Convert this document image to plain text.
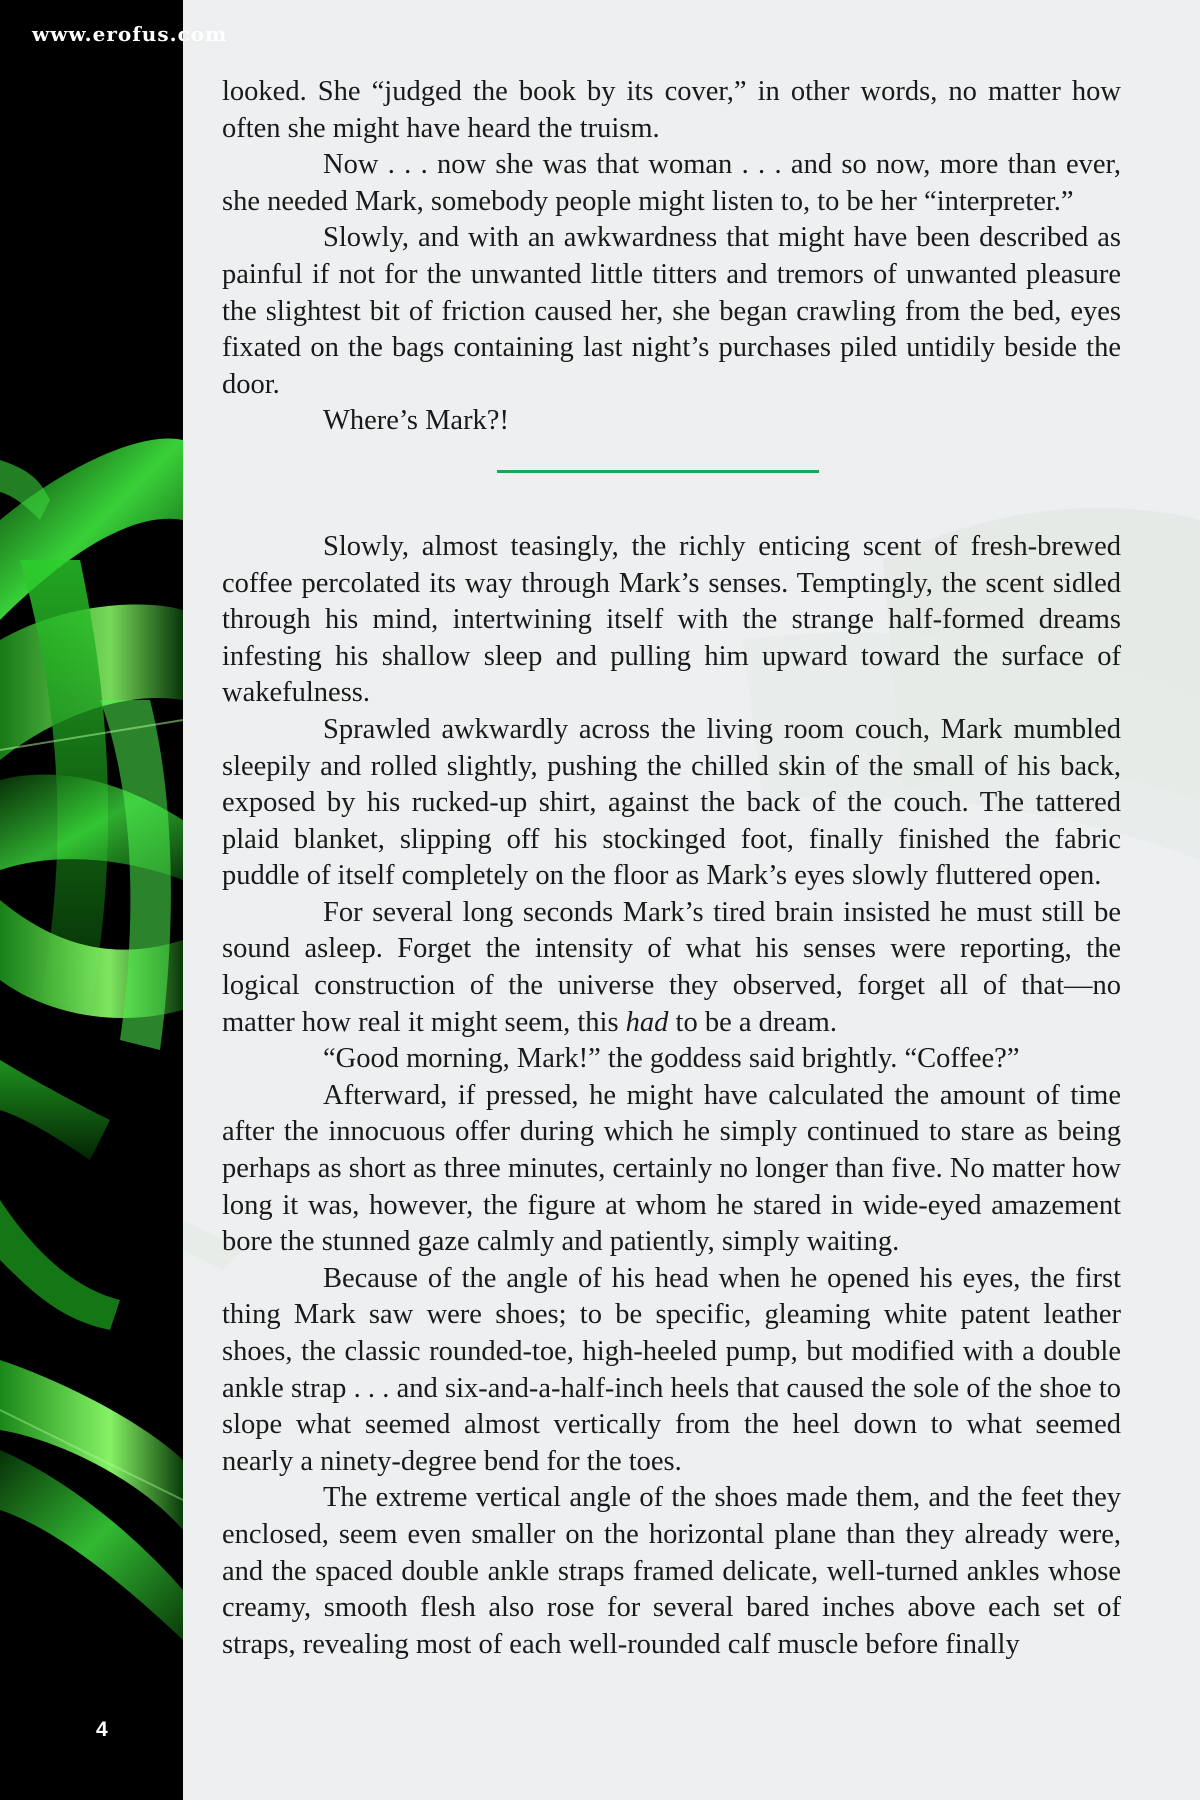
www.erofus.com
4

looked. She “judged the book by its cover,” in other words, no matter how often she might have heard the truism.

Now . . . now she was that woman . . . and so now, more than ever, she needed Mark, somebody people might listen to, to be her “interpreter.”

Slowly, and with an awkwardness that might have been described as painful if not for the unwanted little titters and tremors of unwanted pleasure the slightest bit of friction caused her, she began crawling from the bed, eyes fixated on the bags containing last night’s purchases piled untidily beside the door.

Where’s Mark?!

Slowly, almost teasingly, the richly enticing scent of fresh-brewed coffee percolated its way through Mark’s senses. Temptingly, the scent sidled through his mind, intertwining itself with the strange half-formed dreams infesting his shallow sleep and pulling him upward toward the surface of wakefulness.

Sprawled awkwardly across the living room couch, Mark mumbled sleepily and rolled slightly, pushing the chilled skin of the small of his back, exposed by his rucked-up shirt, against the back of the couch. The tattered plaid blanket, slipping off his stockinged foot, finally finished the fabric puddle of itself completely on the floor as Mark’s eyes slowly fluttered open.

For several long seconds Mark’s tired brain insisted he must still be sound asleep. Forget the intensity of what his senses were reporting, the logical construction of the universe they observed, forget all of that—no matter how real it might seem, this had to be a dream.

“Good morning, Mark!” the goddess said brightly. “Coffee?”

Afterward, if pressed, he might have calculated the amount of time after the innocuous offer during which he simply continued to stare as being perhaps as short as three minutes, certainly no longer than five. No matter how long it was, however, the figure at whom he stared in wide-eyed amazement bore the stunned gaze calmly and patiently, simply waiting.

Because of the angle of his head when he opened his eyes, the first thing Mark saw were shoes; to be specific, gleaming white patent leather shoes, the classic rounded-toe, high-heeled pump, but modified with a double ankle strap . . . and six-and-a-half-inch heels that caused the sole of the shoe to slope what seemed almost vertically from the heel down to what seemed nearly a ninety-degree bend for the toes.

The extreme vertical angle of the shoes made them, and the feet they enclosed, seem even smaller on the horizontal plane than they already were, and the spaced double ankle straps framed delicate, well-turned ankles whose creamy, smooth flesh also rose for several bared inches above each set of straps, revealing most of each well-rounded calf muscle before finally
